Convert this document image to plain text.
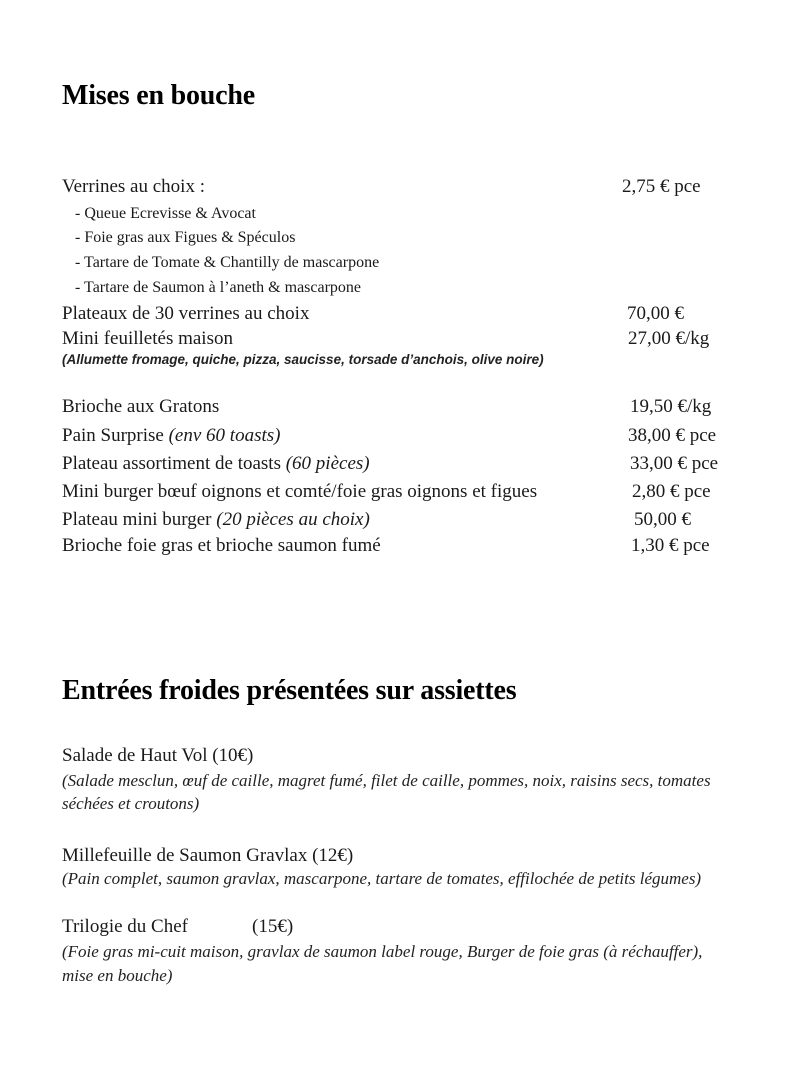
Mises en bouche
Verrines au choix :	2,75 € pce
- Queue Ecrevisse & Avocat
- Foie gras aux Figues & Spéculos
- Tartare de Tomate & Chantilly de mascarpone
- Tartare de Saumon à l’aneth & mascarpone
Plateaux de 30 verrines au choix	70,00 €
Mini feuilletés maison	27,00 €/kg
(Allumette fromage, quiche, pizza, saucisse, torsade d’anchois, olive noire)
Brioche aux Gratons	19,50 €/kg
Pain Surprise (env 60 toasts)	38,00 € pce
Plateau assortiment de toasts (60 pièces)	33,00 € pce
Mini burger bœuf oignons et comté/foie gras oignons et figues	2,80 € pce
Plateau mini burger (20 pièces au choix)	50,00 €
Brioche foie gras et brioche saumon fumé	1,30 € pce
Entrées froides présentées sur assiettes
Salade de Haut Vol (10€)
(Salade mesclun, œuf de caille, magret fumé, filet de caille, pommes, noix, raisins secs, tomates
séchées et croutons)
Millefeuille de Saumon Gravlax (12€)
(Pain complet, saumon gravlax, mascarpone, tartare de tomates, effilochée de petits légumes)
Trilogie du Chef	(15€)
(Foie gras mi-cuit maison, gravlax de saumon label rouge, Burger de foie gras (à réchauffer),
mise en bouche)
